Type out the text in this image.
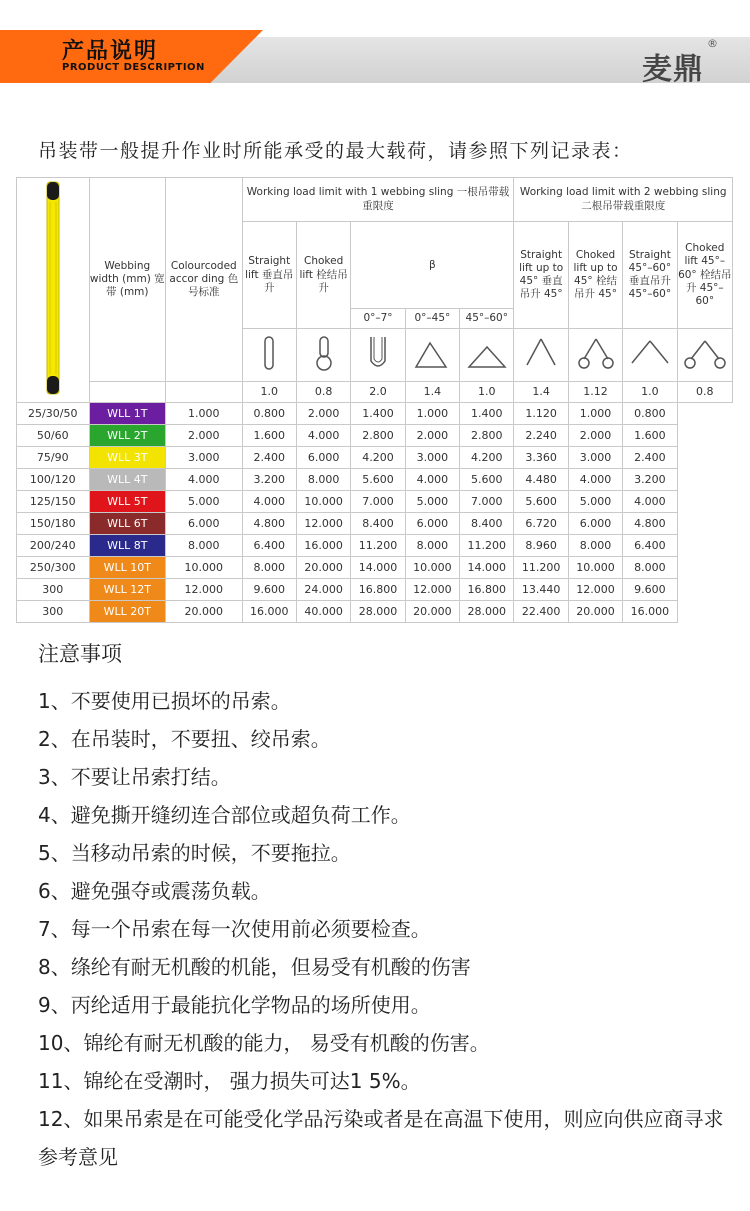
产品说明
PRODUCT DESCRIPTION	麦鼎
®
吊装带一般提升作业时所能承受的最大载荷，请参照下列记录表：
	Webbing width (mm) 宽带 (mm)	Colourcoded accor ding 色号标准	Working load limit with 1 webbing sling 一根吊带载重限度					Working load limit with 2 webbing sling 二根吊带载重限度			
			Straight lift 垂直吊升	Choked lift 栓结吊升	β			Straight lift up to 45° 垂直吊升 45°	Choked lift up to 45° 栓结吊升 45°	Straight 45°–60° 垂直吊升 45°–60°	Choked lift 45°–60° 栓结吊升 45°–60°
					0°–7°	0°–45°	45°–60°				

			1.0	0.8	2.0	1.4	1.0	1.4	1.12	1.0	0.8
25/30/50	WLL 1T	1.000	0.800	2.000	1.400	1.000	1.400	1.120	1.000	0.800	
50/60	WLL 2T	2.000	1.600	4.000	2.800	2.000	2.800	2.240	2.000	1.600	
75/90	WLL 3T	3.000	2.400	6.000	4.200	3.000	4.200	3.360	3.000	2.400	
100/120	WLL 4T	4.000	3.200	8.000	5.600	4.000	5.600	4.480	4.000	3.200	
125/150	WLL 5T	5.000	4.000	10.000	7.000	5.000	7.000	5.600	5.000	4.000	
150/180	WLL 6T	6.000	4.800	12.000	8.400	6.000	8.400	6.720	6.000	4.800	
200/240	WLL 8T	8.000	6.400	16.000	11.200	8.000	11.200	8.960	8.000	6.400	
250/300	WLL 10T	10.000	8.000	20.000	14.000	10.000	14.000	11.200	10.000	8.000	
300	WLL 12T	12.000	9.600	24.000	16.800	12.000	16.800	13.440	12.000	9.600	
300	WLL 20T	20.000	16.000	40.000	28.000	20.000	28.000	22.400	20.000	16.000	
注意事项
1、不要使用已损坏的吊索。
2、在吊装时，不要扭、绞吊索。
3、不要让吊索打结。
4、避免撕开缝纫连合部位或超负荷工作。
5、当移动吊索的时候，不要拖拉。
6、避免强夺或震荡负载。
7、每一个吊索在每一次使用前必须要检查。
8、绦纶有耐无机酸的机能，但易受有机酸的伤害
9、丙纶适用于最能抗化学物品的场所使用。
10、锦纶有耐无机酸的能力， 易受有机酸的伤害。
11、锦纶在受潮时， 强力损失可达1 5%。
12、如果吊索是在可能受化学品污染或者是在高温下使用，则应向供应商寻求参考意见
